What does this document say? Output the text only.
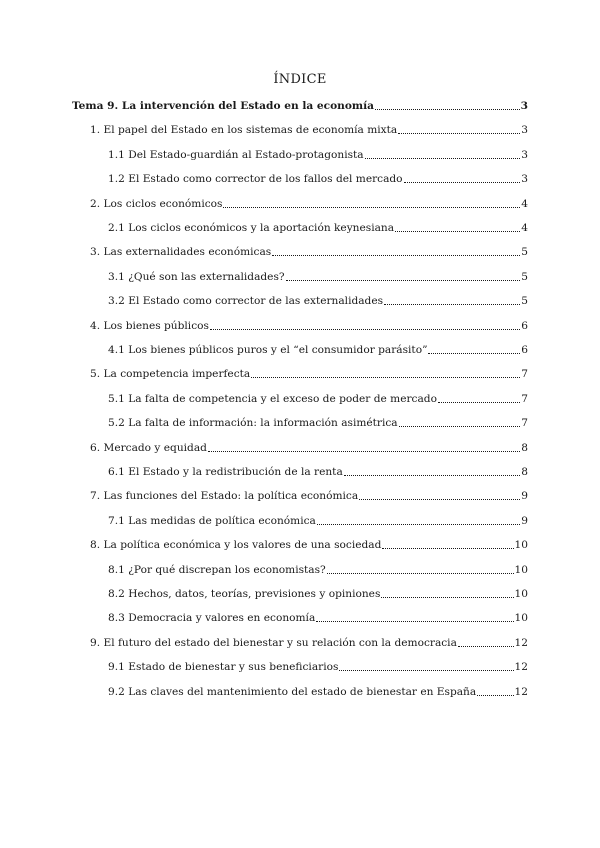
ÍNDICE
Tema 9. La intervención del Estado en la economía	3
1. El papel del Estado en los sistemas de economía mixta	3
1.1 Del Estado-guardián al Estado-protagonista	3
1.2 El Estado como corrector de los fallos del mercado	3
2. Los ciclos económicos	4
2.1 Los ciclos económicos y la aportación keynesiana	4
3. Las externalidades económicas	5
3.1 ¿Qué son las externalidades?	5
3.2 El Estado como corrector de las externalidades	5
4. Los bienes públicos	6
4.1 Los bienes públicos puros y el “el consumidor parásito”	6
5. La competencia imperfecta	7
5.1 La falta de competencia y el exceso de poder de mercado	7
5.2 La falta de información: la información asimétrica	7
6. Mercado y equidad	8
6.1 El Estado y la redistribución de la renta	8
7. Las funciones del Estado: la política económica	9
7.1 Las medidas de política económica	9
8. La política económica y los valores de una sociedad	10
8.1 ¿Por qué discrepan los economistas?	10
8.2 Hechos, datos, teorías, previsiones y opiniones	10
8.3 Democracia y valores en economía	10
9. El futuro del estado del bienestar y su relación con la democracia	12
9.1 Estado de bienestar y sus beneficiarios	12
9.2 Las claves del mantenimiento del estado de bienestar en España	12
